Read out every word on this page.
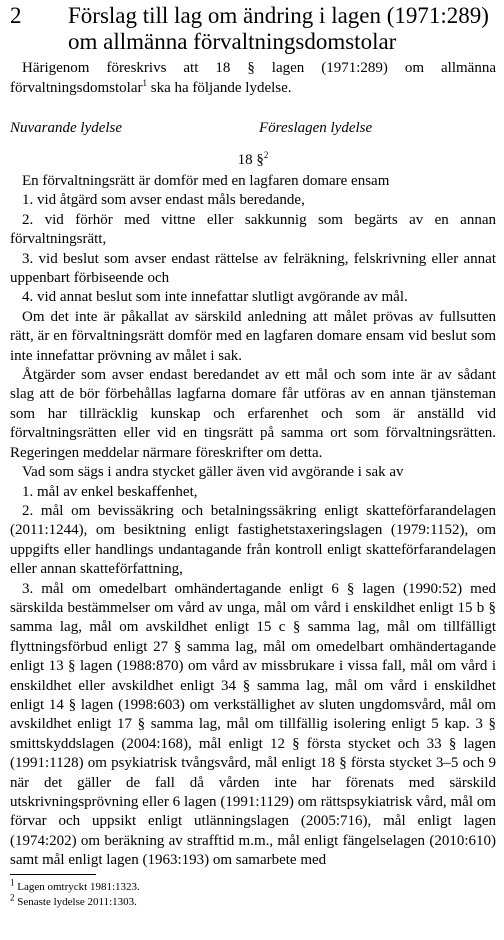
2 Förslag till lag om ändring i lagen (1971:289) om allmänna förvaltningsdomstolar
Härigenom föreskrivs att 18 § lagen (1971:289) om allmänna förvaltningsdomstolar$^1$ ska ha följande lydelse.
Nuvarande lydelse	Föreslagen lydelse
18 §$^2$

En förvaltningsrätt är domför med en lagfaren domare ensam

1. vid åtgärd som avser endast måls beredande,

2. vid förhör med vittne eller sakkunnig som begärts av en annan förvaltningsrätt,

3. vid beslut som avser endast rättelse av felräkning, felskrivning eller annat uppenbart förbiseende och

4. vid annat beslut som inte innefattar slutligt avgörande av mål.

Om det inte är påkallat av särskild anledning att målet prövas av fullsutten rätt, är en förvaltningsrätt domför med en lagfaren domare ensam vid beslut som inte innefattar prövning av målet i sak.

Åtgärder som avser endast beredandet av ett mål och som inte är av sådant slag att de bör förbehållas lagfarna domare får utföras av en annan tjänsteman som har tillräcklig kunskap och erfarenhet och som är anställd vid förvaltningsrätten eller vid en tingsrätt på samma ort som förvaltningsrätten. Regeringen meddelar närmare föreskrifter om detta.

Vad som sägs i andra stycket gäller även vid avgörande i sak av

1. mål av enkel beskaffenhet,

2. mål om bevissäkring och betalningssäkring enligt skatteförfarandelagen (2011:1244), om besiktning enligt fastighetstaxeringslagen (1979:1152), om uppgifts eller handlings undantagande från kontroll enligt skatteförfarandelagen eller annan skatteförfattning,

3. mål om omedelbart omhändertagande enligt 6 § lagen (1990:52) med särskilda bestämmelser om vård av unga, mål om vård i enskildhet enligt 15 b § samma lag, mål om avskildhet enligt 15 c § samma lag, mål om tillfälligt flyttningsförbud enligt 27 § samma lag, mål om omedelbart omhändertagande enligt 13 § lagen (1988:870) om vård av missbrukare i vissa fall, mål om vård i enskildhet eller avskildhet enligt 34 § samma lag, mål om vård i enskildhet enligt 14 § lagen (1998:603) om verkställighet av sluten ungdomsvård, mål om avskildhet enligt 17 § samma lag, mål om tillfällig isolering enligt 5 kap. 3 § smittskyddslagen (2004:168), mål enligt 12 § första stycket och 33 § lagen (1991:1128) om psykiatrisk tvångsvård, mål enligt 18 § första stycket 3–5 och 9 när det gäller de fall då vården inte har förenats med särskild utskrivningsprövning eller 6 lagen (1991:1129) om rättspsykiatrisk vård, mål om förvar och uppsikt enligt utlänningslagen (2005:716), mål enligt lagen (1974:202) om beräkning av strafftid m.m., mål enligt fängelselagen (2010:610) samt mål enligt lagen (1963:193) om samarbete med

$^1$ Lagen omtryckt 1981:1323.
$^2$ Senaste lydelse 2011:1303.
